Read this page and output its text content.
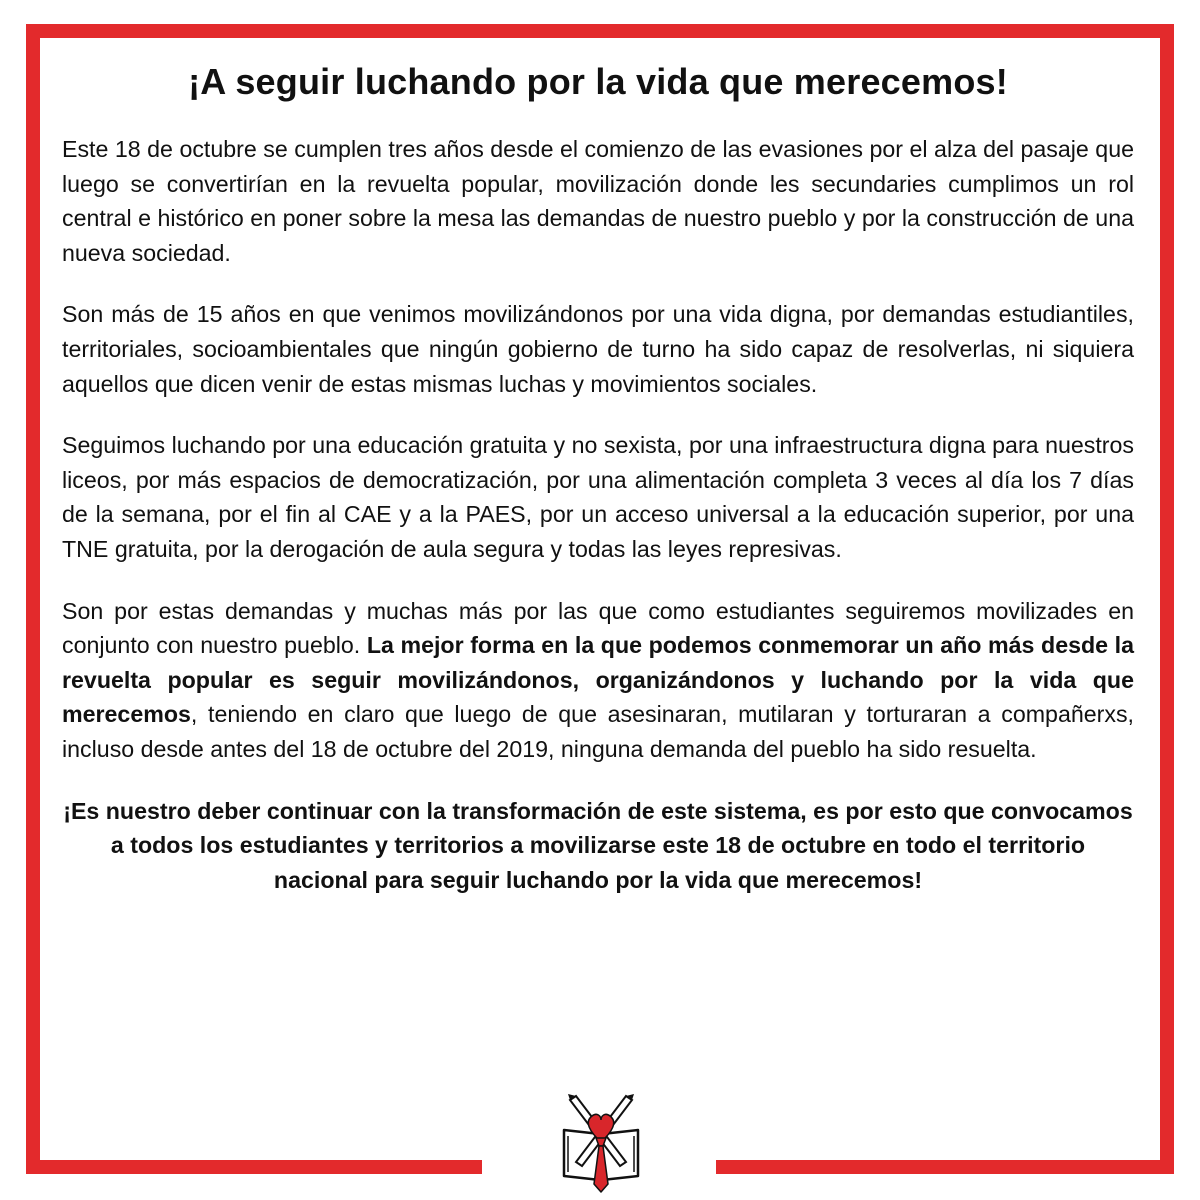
¡A seguir luchando por la vida que merecemos!

Este 18 de octubre se cumplen tres años desde el comienzo de las evasiones por el alza del pasaje que luego se convertirían en la revuelta popular, movilización donde les secundaries cumplimos un rol central e histórico en poner sobre la mesa las demandas de nuestro pueblo y por la construcción de una nueva sociedad.

Son más de 15 años en que venimos movilizándonos por una vida digna, por demandas estudiantiles, territoriales, socioambientales que ningún gobierno de turno ha sido capaz de resolverlas, ni siquiera aquellos que dicen venir de estas mismas luchas y movimientos sociales.

Seguimos luchando por una educación gratuita y no sexista, por una infraestructura digna para nuestros liceos, por más espacios de democratización, por una alimentación completa 3 veces al día los 7 días de la semana, por el fin al CAE y a la PAES, por un acceso universal a la educación superior, por una TNE gratuita, por la derogación de aula segura y todas las leyes represivas.

Son por estas demandas y muchas más por las que como estudiantes seguiremos movilizades en conjunto con nuestro pueblo. La mejor forma en la que podemos conmemorar un año más desde la revuelta popular es seguir movilizándonos, organizándonos y luchando por la vida que merecemos, teniendo en claro que luego de que asesinaran, mutilaran y torturaran a compañerxs, incluso desde antes del 18 de octubre del 2019, ninguna demanda del pueblo ha sido resuelta.

¡Es nuestro deber continuar con la transformación de este sistema, es por esto que convocamos a todos los estudiantes y territorios a movilizarse este 18 de octubre en todo el territorio nacional para seguir luchando por la vida que merecemos!
